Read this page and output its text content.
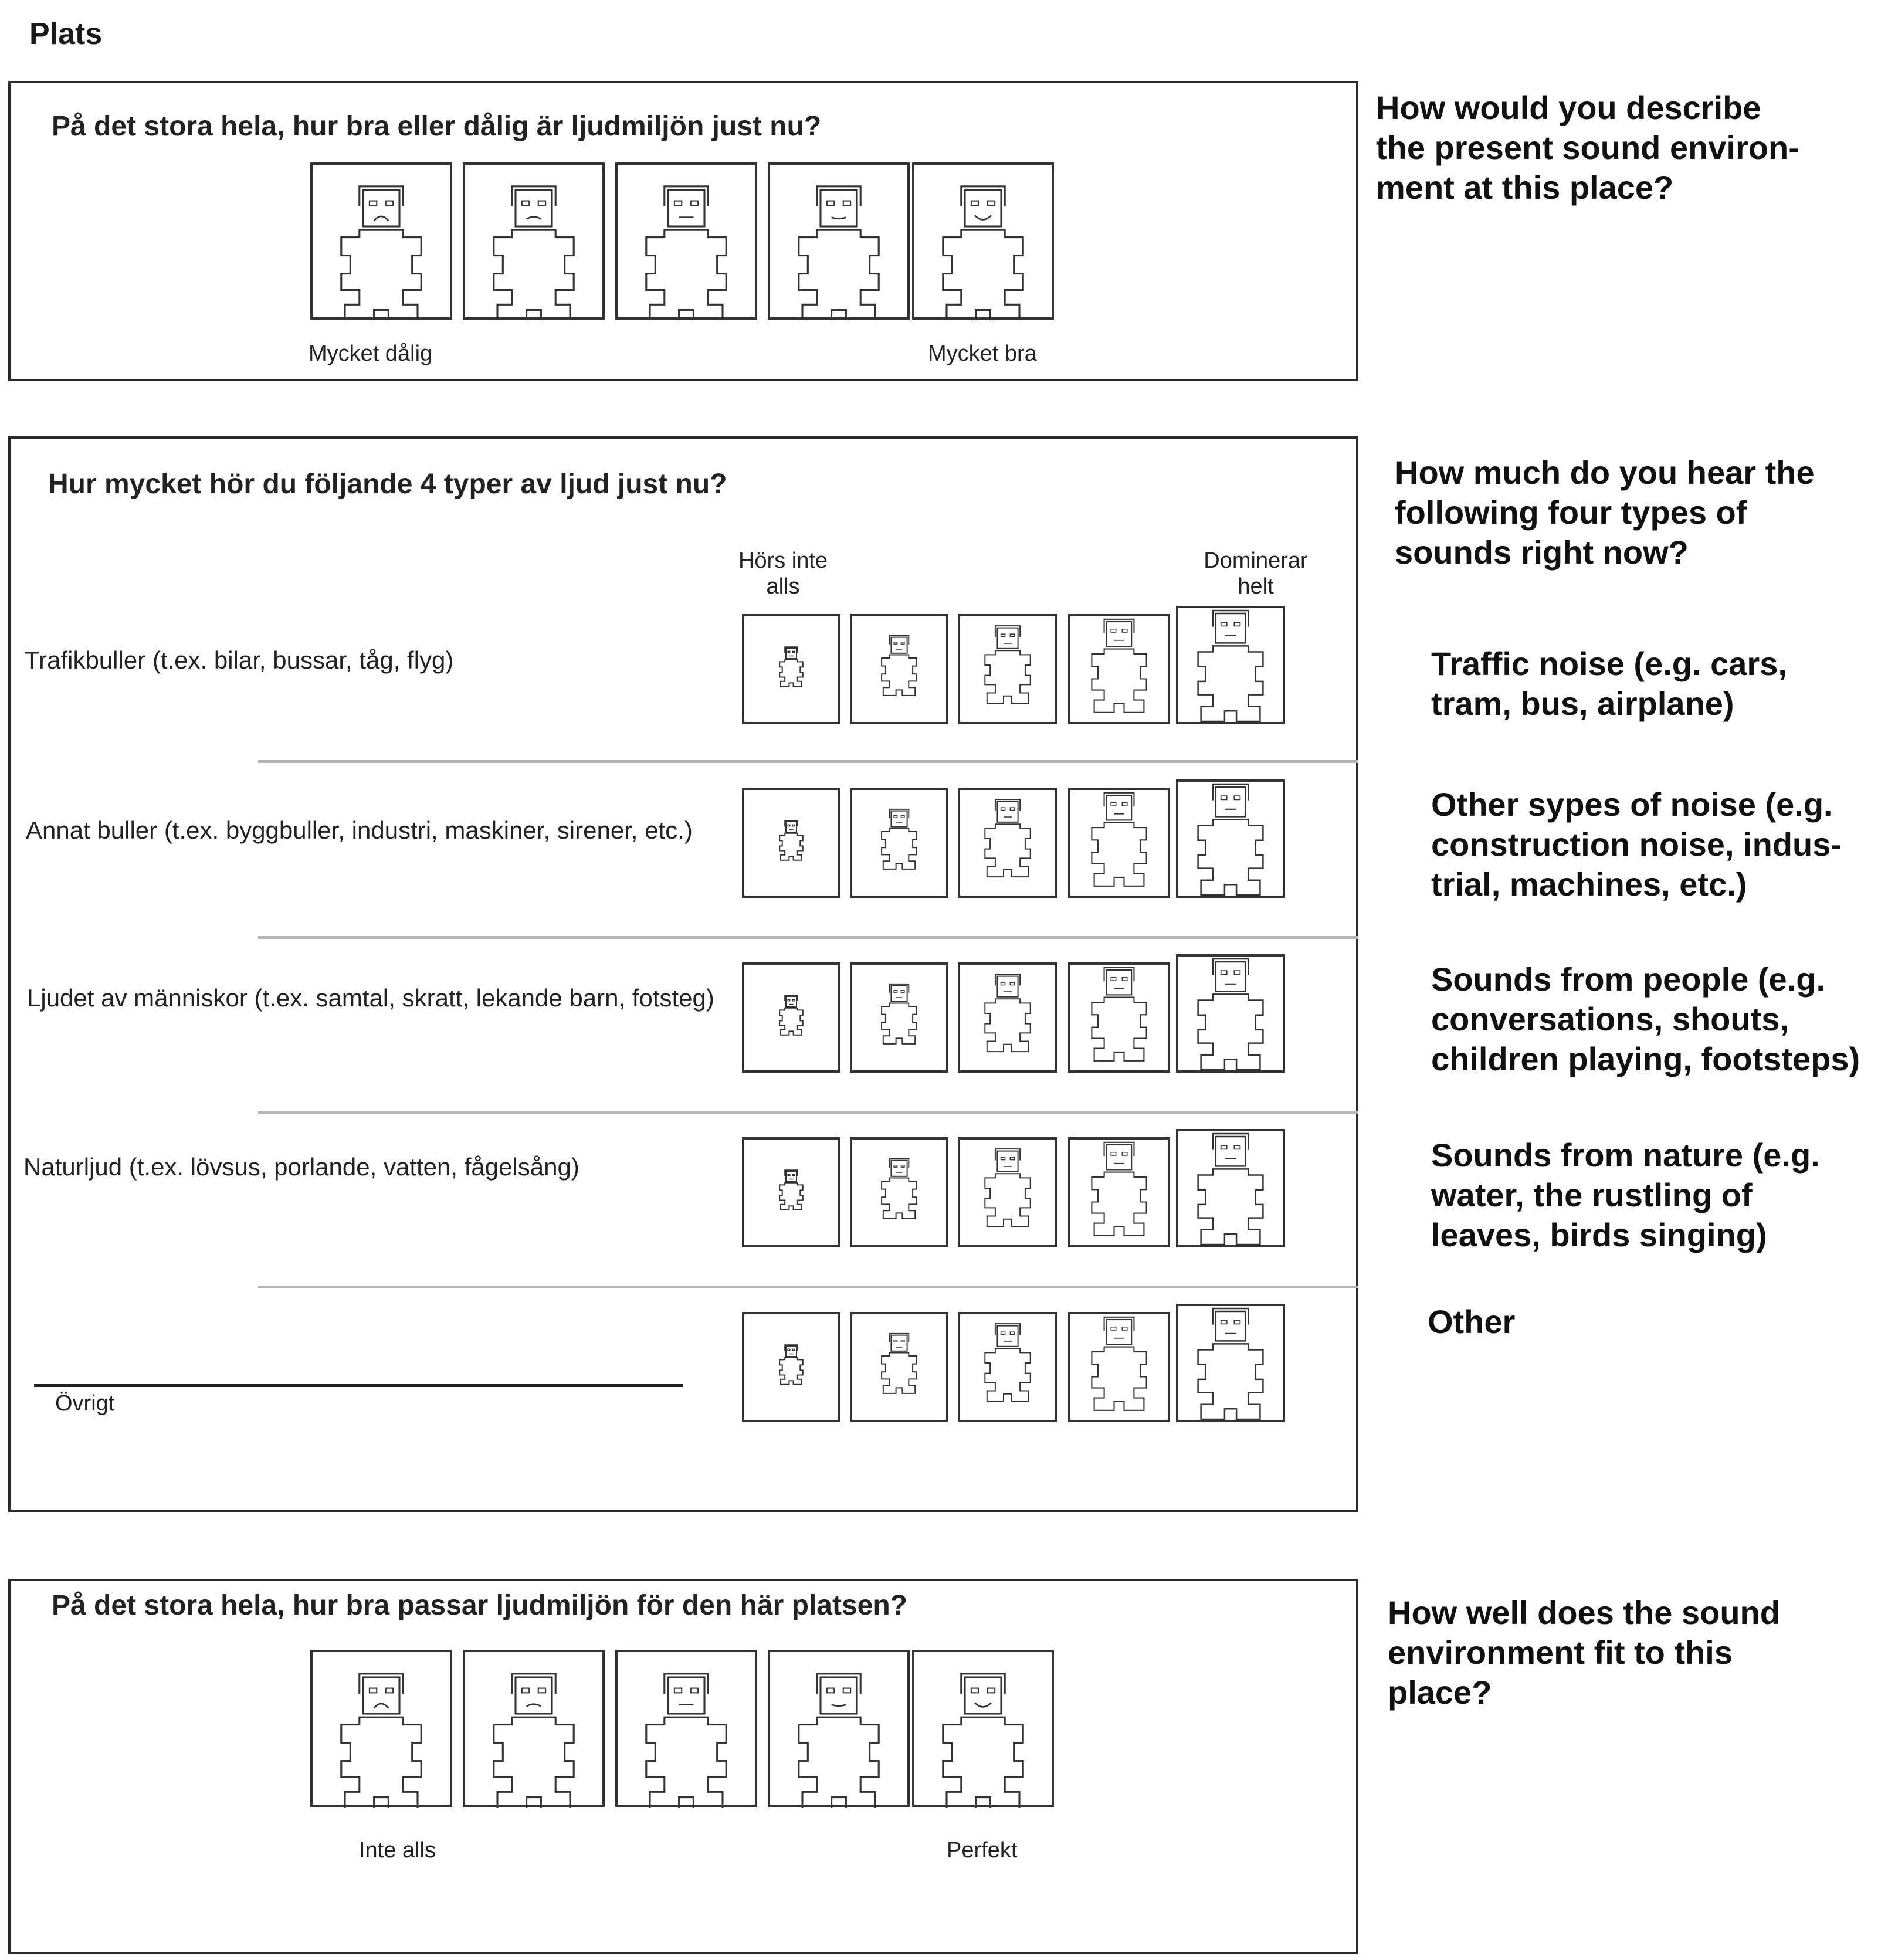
Plats
På det stora hela, hur bra eller dålig är ljudmiljön just nu?
Mycket dålig	Mycket bra
How would you describe
the present sound environ-
ment at this place?
Hur mycket hör du följande 4 typer av ljud just nu?
Hörs inte
alls
Dominerar
helt
How much do you hear the
following four types of
sounds right now?
Trafikbuller (t.ex. bilar, bussar, tåg, flyg)	Traffic noise (e.g. cars,
tram, bus, airplane)
Annat buller (t.ex. byggbuller, industri, maskiner, sirener, etc.)
Other sypes of noise (e.g.
construction noise, indus-
trial, machines, etc.)
Ljudet av människor (t.ex. samtal, skratt, lekande barn, fotsteg)
Sounds from people (e.g.
conversations, shouts,
children playing, footsteps)
Naturljud (t.ex. lövsus, porlande, vatten, fågelsång)	Sounds from nature (e.g.
water, the rustling of
leaves, birds singing)
Övrigt
Other
På det stora hela, hur bra passar ljudmiljön för den här platsen?
Inte alls	Perfekt
How well does the sound
environment fit to this
place?
